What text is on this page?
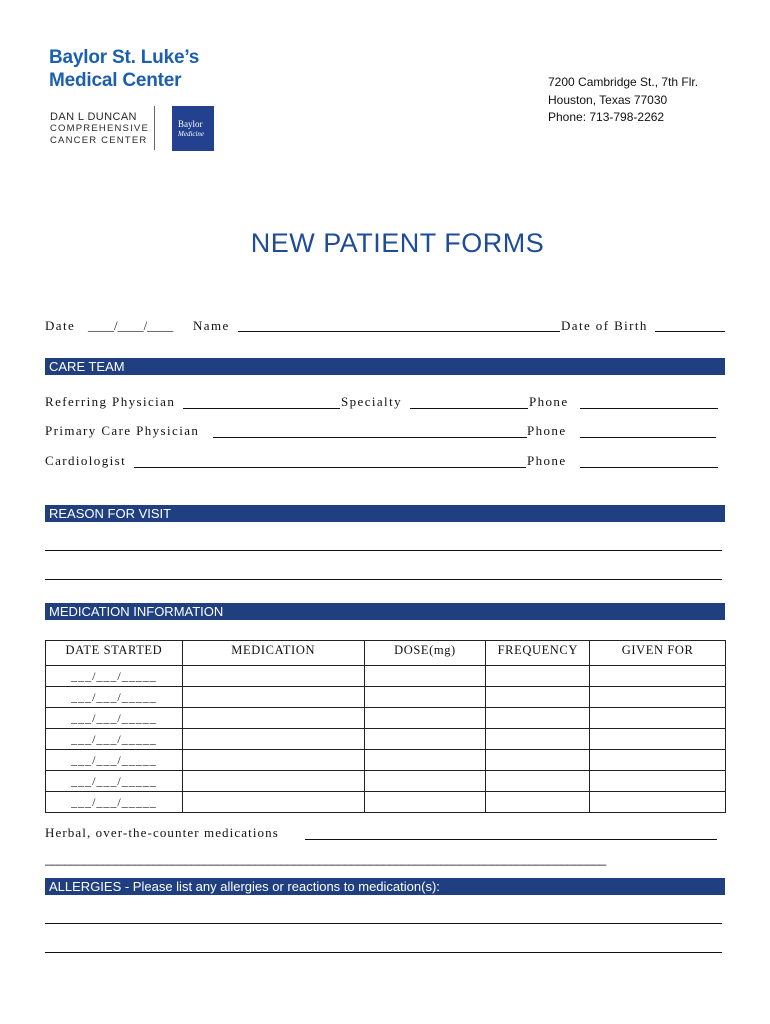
Baylor St. Luke’s
Medical Center
DAN L DUNCAN
COMPREHENSIVE
CANCER CENTER
Baylor
Medicine
7200 Cambridge St., 7th Flr.
Houston, Texas 77030
Phone: 713-798-2262
NEW PATIENT FORMS
Date ____/____/____ Name	Date of Birth
CARE TEAM
Referring Physician	Specialty	Phone
Primary Care Physician	Phone
Cardiologist	Phone
REASON FOR VISIT
MEDICATION INFORMATION
DATE STARTED	MEDICATION	DOSE(mg)	FREQUENCY	GIVEN FOR
___/___/_____				
___/___/_____				
___/___/_____				
___/___/_____				
___/___/_____				
___/___/_____				
___/___/_____				
Herbal, over-the-counter medications
________________________________________________________________________________________
ALLERGIES - Please list any allergies or reactions to medication(s):
